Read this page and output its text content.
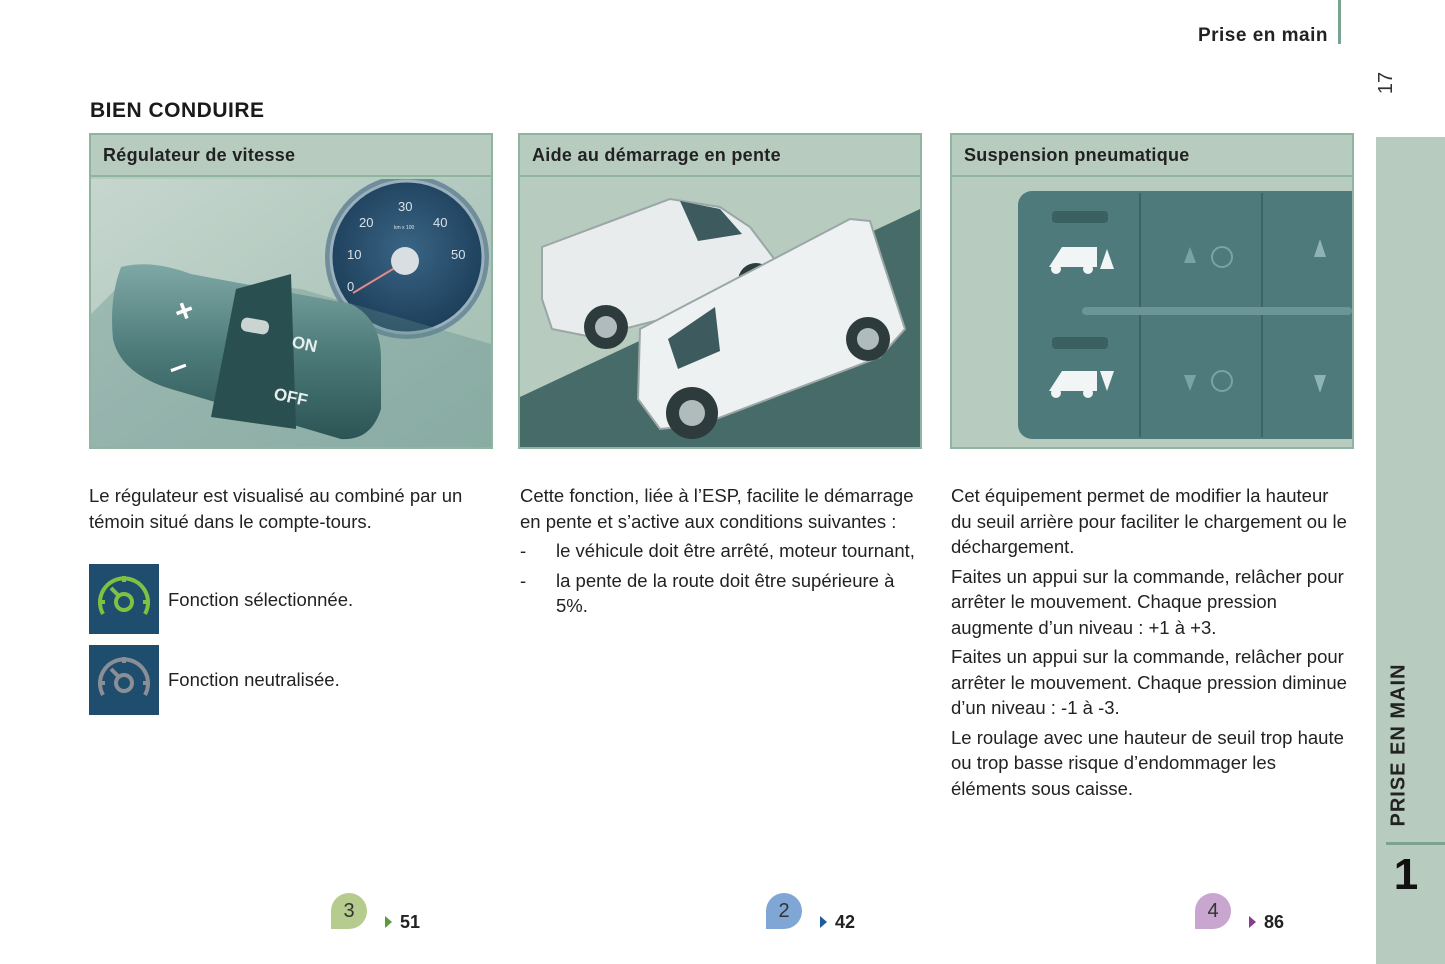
Prise en main
17
PRISE EN MAIN
1
BIEN CONDUIRE
Régulateur de vitesse
10
20
30
40
50
0
km x 100
ON
OFF
+
–
Aide au démarrage en pente	Suspension pneumatique
Le régulateur est visualisé au combiné par un témoin situé dans le compte-tours.
Fonction sélectionnée.
Fonction neutralisée.

Cette fonction, liée à l’ESP, facilite le démarrage en pente et s’active aux conditions suivantes :

- le véhicule doit être arrêté, moteur tournant,
- la pente de la route doit être supérieure à 5%.

Cet équipement permet de modifier la hauteur du seuil arrière pour faciliter le chargement ou le déchargement.

Faites un appui sur la commande, relâcher pour arrêter le mouvement. Chaque pression augmente d’un niveau : +1 à +3.

Faites un appui sur la commande, relâcher pour arrêter le mouvement. Chaque pression diminue d’un niveau : -1 à -3.

Le roulage avec une hauteur de seuil trop haute ou trop basse risque d’endommager les éléments sous caisse.

3	51	2	42	4	86
